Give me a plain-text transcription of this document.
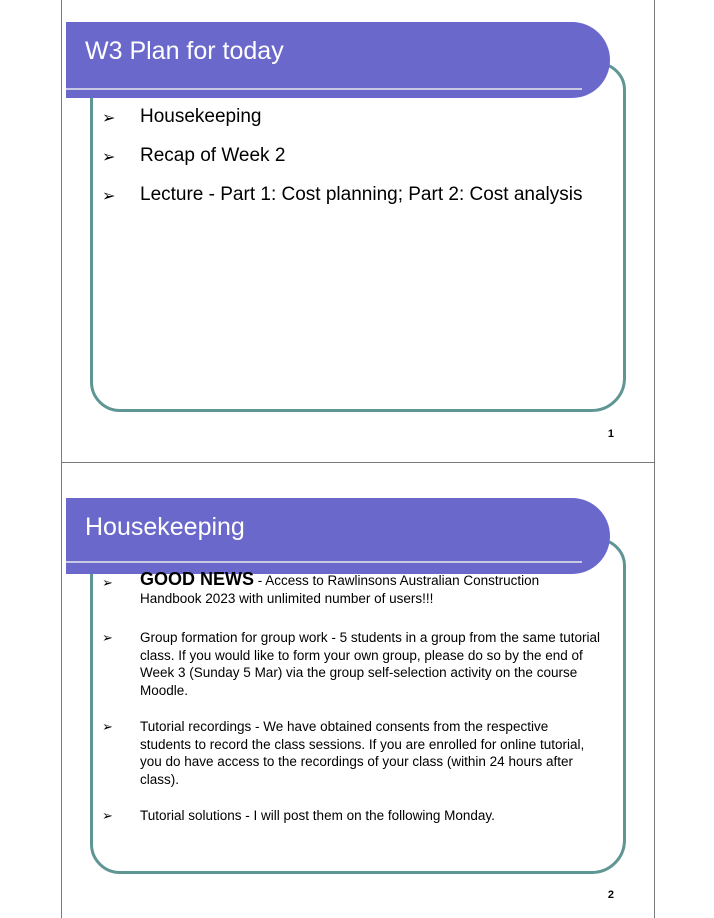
W3 Plan for today
➢ Housekeeping
➢ Recap of Week 2
➢ Lecture - Part 1: Cost planning; Part 2: Cost analysis
1
Housekeeping
➢ GOOD NEWS - Access to Rawlinsons Australian Construction Handbook 2023 with unlimited number of users!!!
➢ Group formation for group work - 5 students in a group from the same tutorial class. If you would like to form your own group, please do so by the end of Week 3 (Sunday 5 Mar) via the group self-selection activity on the course Moodle.
➢ Tutorial recordings - We have obtained consents from the respective students to record the class sessions. If you are enrolled for online tutorial, you do have access to the recordings of your class (within 24 hours after class).
➢ Tutorial solutions - I will post them on the following Monday.
2
